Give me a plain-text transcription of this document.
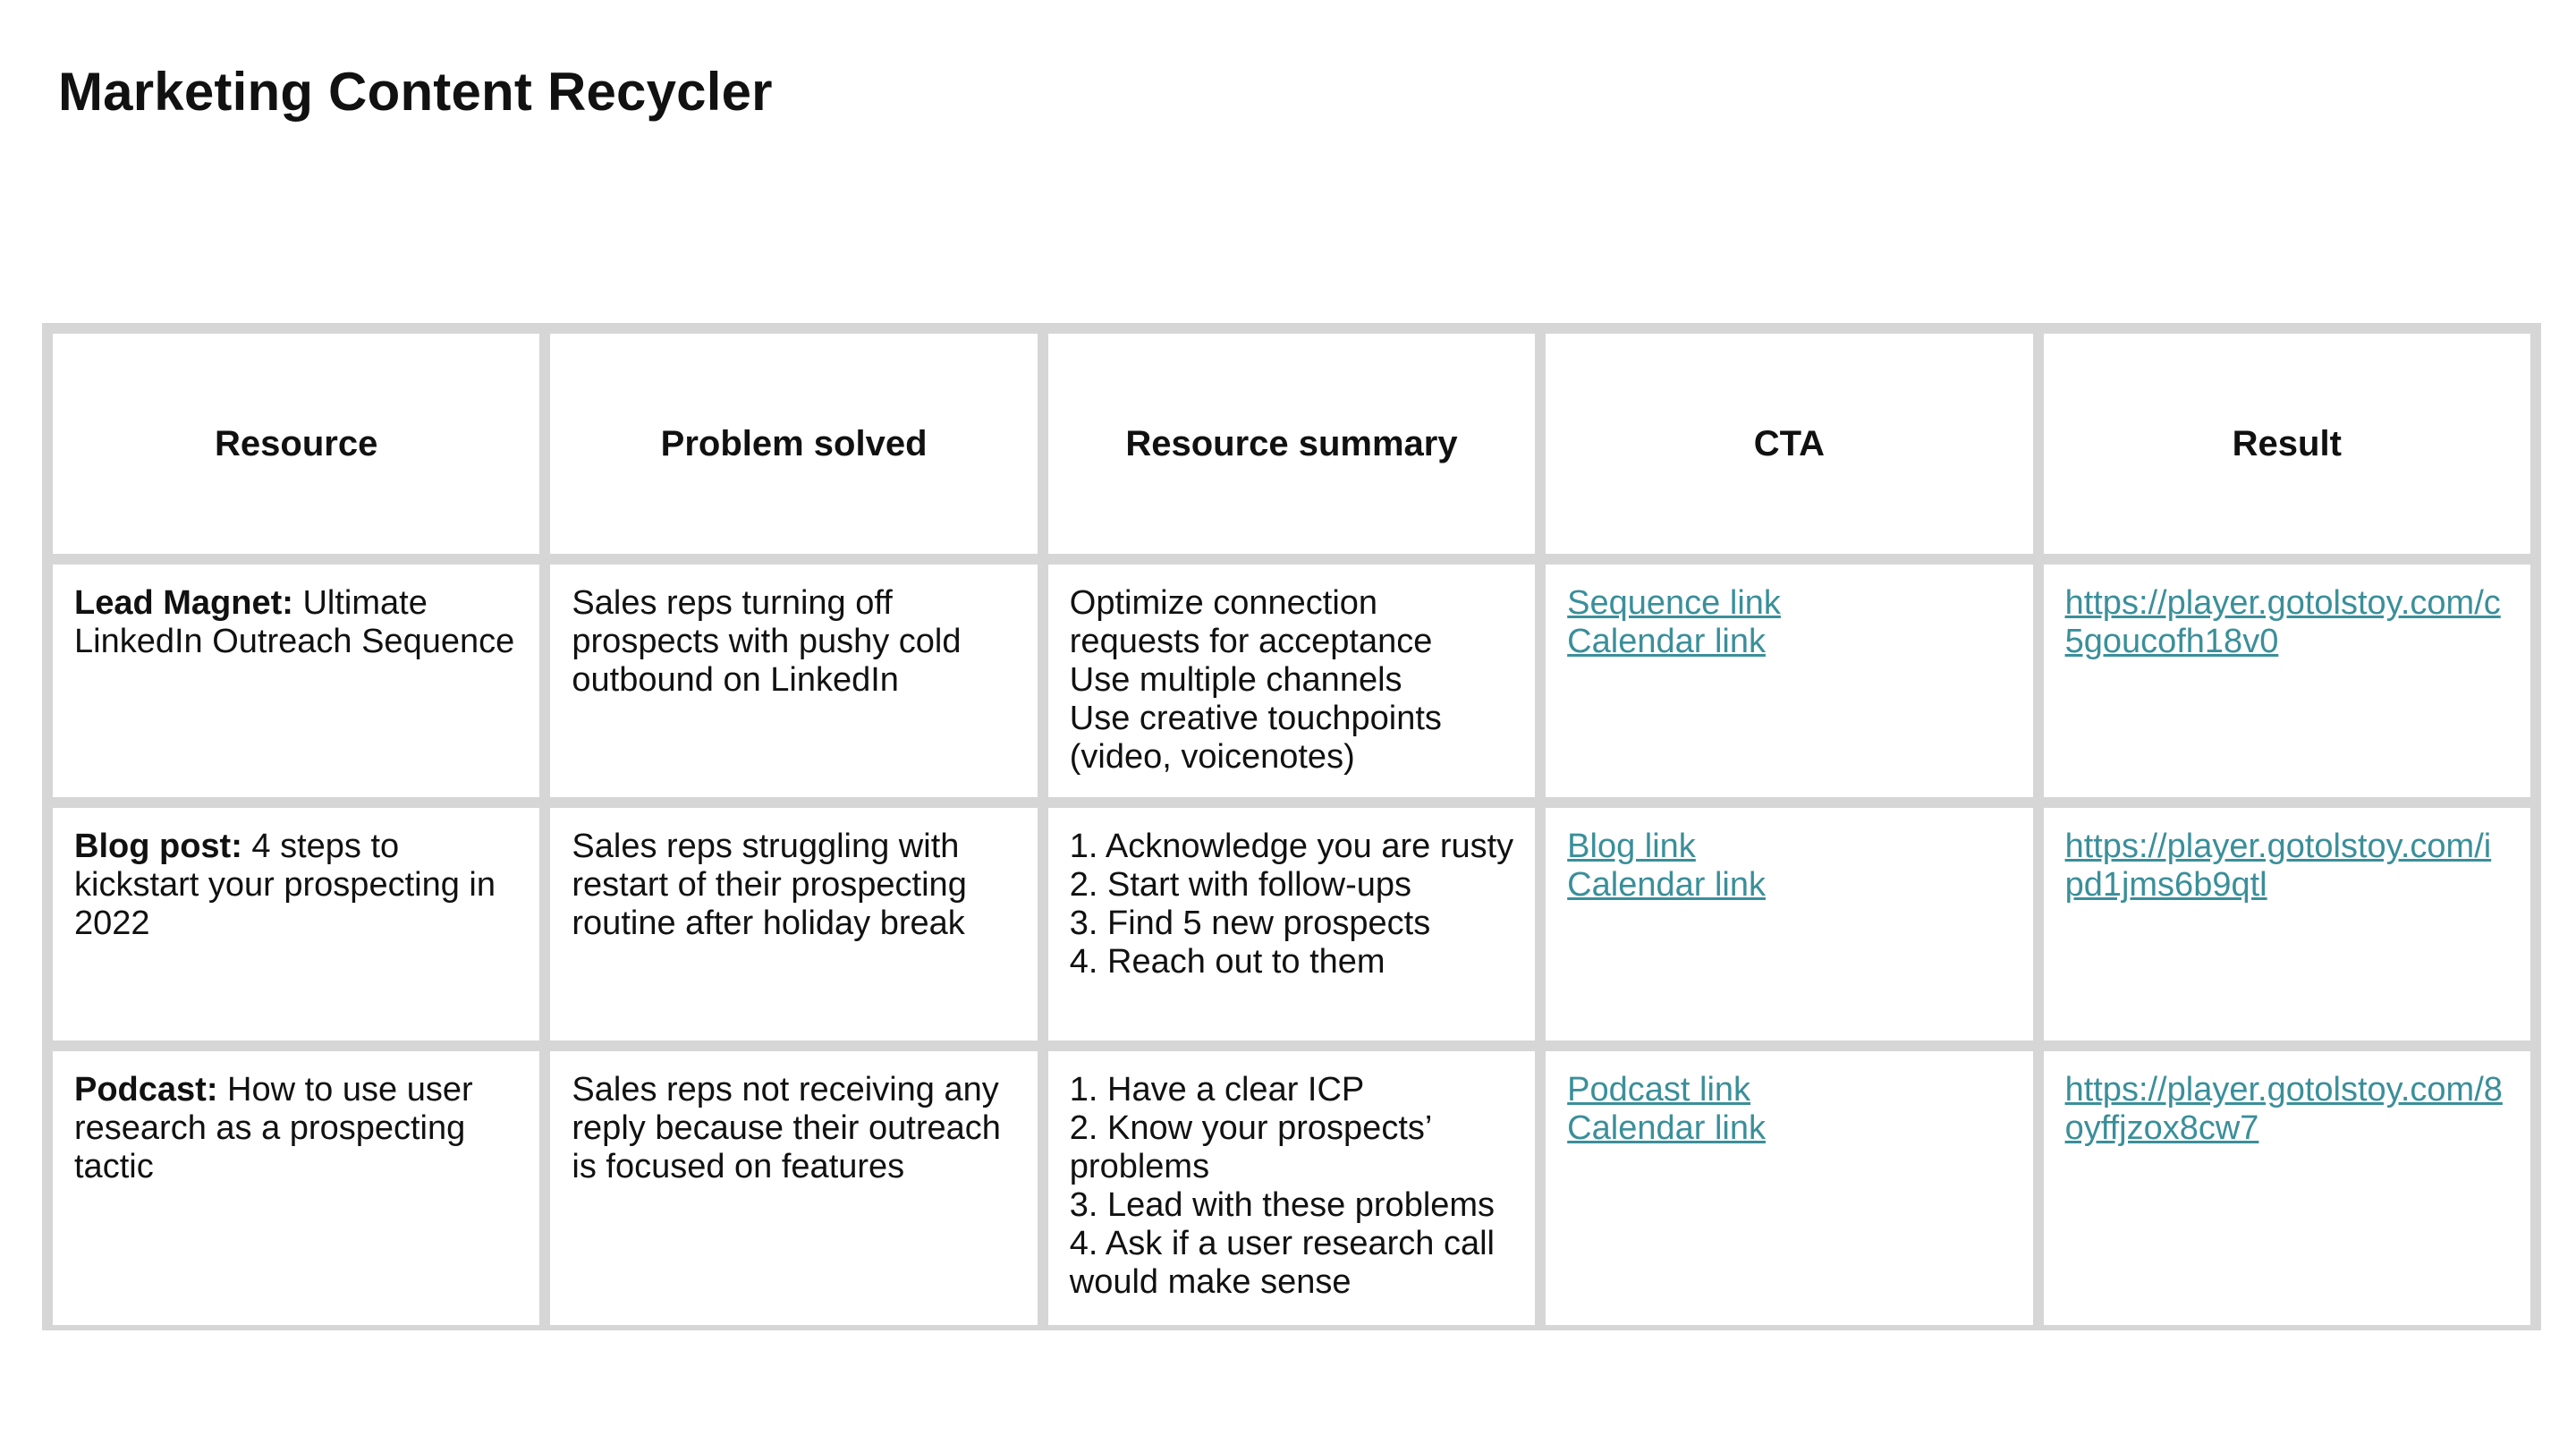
Marketing Content Recycler
Resource	Problem solved	Resource summary	CTA	Result
Lead Magnet: Ultimate LinkedIn Outreach Sequence	Sales reps turning off prospects with pushy cold outbound on LinkedIn	Optimize connection requests for acceptance
Use multiple channels
Use creative touchpoints (video, voicenotes)	Sequence link
Calendar link	https://player.gotolstoy.com/c5goucofh18v0

Blog post: 4 steps to kickstart your prospecting in 2022	Sales reps struggling with restart of their prospecting routine after holiday break	1. Acknowledge you are rusty
2. Start with follow-ups
3. Find 5 new prospects
4. Reach out to them	Blog link
Calendar link	https://player.gotolstoy.com/ipd1jms6b9qtl

Podcast: How to use user research as a prospecting tactic	Sales reps not receiving any reply because their outreach is focused on features	1. Have a clear ICP
2. Know your prospects’ problems
3. Lead with these problems
4. Ask if a user research call would make sense	Podcast link
Calendar link	https://player.gotolstoy.com/8oyffjzox8cw7
